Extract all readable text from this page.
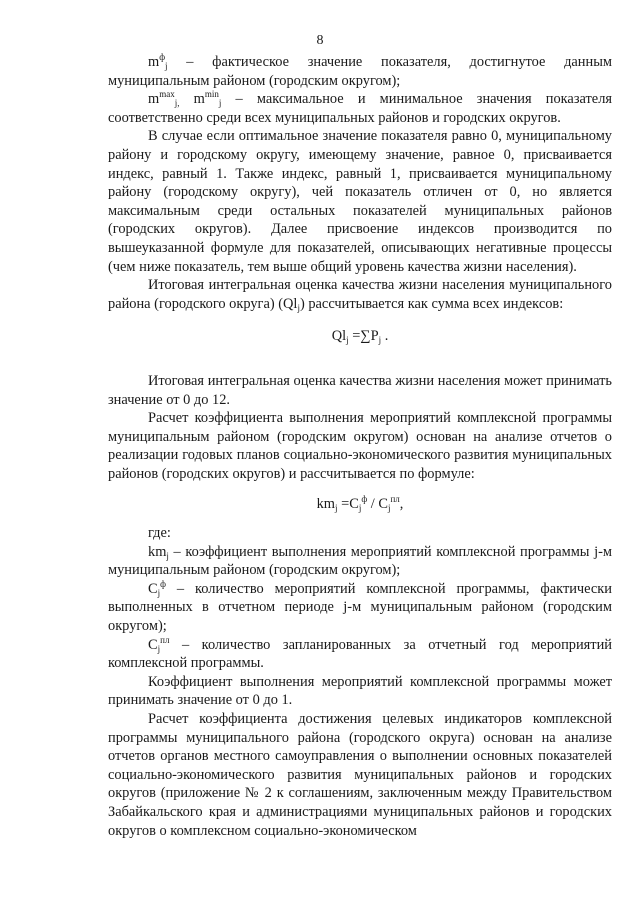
8

$m^ф_j$ – фактическое значение показателя, достигнутое данным муниципальным районом (городским округом);

$m^{max}_{j,}$ $m^{min}_j$ – максимальное и минимальное значения показателя соответственно среди всех муниципальных районов и городских округов.

В случае если оптимальное значение показателя равно 0, муниципальному району и городскому округу, имеющему значение, равное 0, присваивается индекс, равный 1. Также индекс, равный 1, присваивается муниципальному району (городскому округу), чей показатель отличен от 0, но является максимальным среди остальных показателей муниципальных районов (городских округов). Далее присвоение индексов производится по вышеуказанной формуле для показателей, описывающих негативные процессы (чем ниже показатель, тем выше общий уровень качества жизни населения).

Итоговая интегральная оценка качества жизни населения муниципального района (городского округа) $(Ql_j)$ рассчитывается как сумма всех индексов:

$Ql_j =\sum P_j$ .

Итоговая интегральная оценка качества жизни населения может принимать значение от 0 до 12.

Расчет коэффициента выполнения мероприятий комплексной программы муниципальным районом (городским округом) основан на анализе отчетов о реализации годовых планов социально-экономического развития муниципальных районов (городских округов) и рассчитывается по формуле:

$km_j =C_j^ф / C_j^{пл}$,

где:

$km_j$ – коэффициент выполнения мероприятий комплексной программы j-м муниципальным районом (городским округом);

$C_j^ф$ – количество мероприятий комплексной программы, фактически выполненных в отчетном периоде j-м муниципальным районом (городским округом);

$C_j^{пл}$ – количество запланированных за отчетный год мероприятий комплексной программы.

Коэффициент выполнения мероприятий комплексной программы может принимать значение от 0 до 1.

Расчет коэффициента достижения целевых индикаторов комплексной программы муниципального района (городского округа) основан на анализе отчетов органов местного самоуправления о выполнении основных показателей социально-экономического развития муниципальных районов и городских округов (приложение № 2 к соглашениям, заключенным между Правительством Забайкальского края и администрациями муниципальных районов и городских округов о комплексном социально-экономическом
